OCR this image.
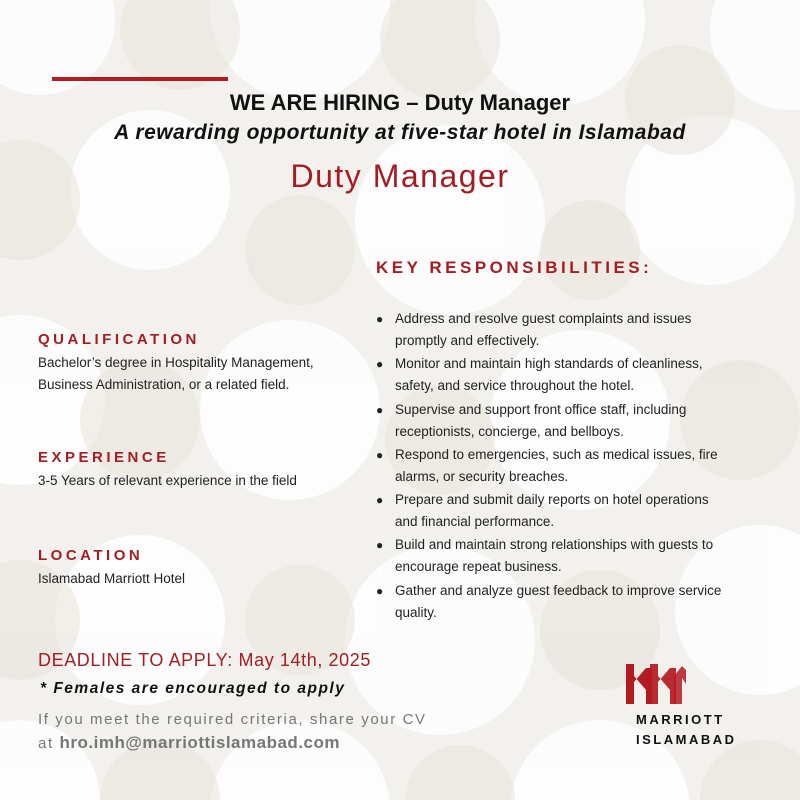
WE ARE HIRING – Duty Manager
A rewarding opportunity at five-star hotel in Islamabad
Duty Manager
KEY RESPONSIBILITIES:
QUALIFICATION
Bachelor’s degree in Hospitality Management,
Business Administration, or a related field.
EXPERIENCE
3-5 Years of relevant experience in the field
LOCATION
Islamabad Marriott Hotel
● Address and resolve guest complaints and issues
promptly and effectively.
● Monitor and maintain high standards of cleanliness,
safety, and service throughout the hotel.
● Supervise and support front office staff, including
receptionists, concierge, and bellboys.
● Respond to emergencies, such as medical issues, fire
alarms, or security breaches.
● Prepare and submit daily reports on hotel operations
and financial performance.
● Build and maintain strong relationships with guests to
encourage repeat business.
● Gather and analyze guest feedback to improve service
quality.
DEADLINE TO APPLY: May 14th, 2025
* Females are encouraged to apply
If you meet the required criteria, share your CV
at hro.imh@marriottislamabad.com
MARRIOTT
ISLAMABAD
